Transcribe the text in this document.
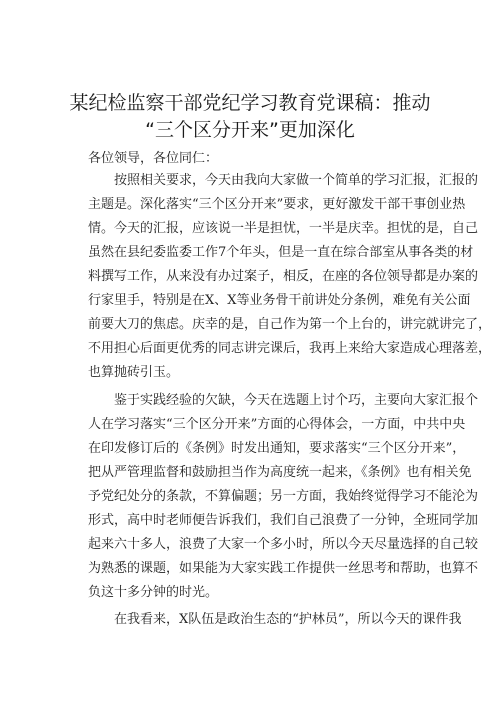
某纪检监察干部党纪学习教育党课稿：推动
“三个区分开来”更加深化
各位领导，各位同仁：
按照相关要求，今天由我向大家做一个简单的学习汇报，汇报的
主题是。深化落实“三个区分开来”要求，更好激发干部干事创业热
情。今天的汇报，应该说一半是担忧，一半是庆幸。担忧的是，自己
虽然在县纪委监委工作7个年头，但是一直在综合部室从事各类的材
料撰写工作，从来没有办过案子，相反，在座的各位领导都是办案的
行家里手，特别是在X、X等业务骨干前讲处分条例，难免有关公面
前要大刀的焦虑。庆幸的是，自己作为第一个上台的，讲完就讲完了，
不用担心后面更优秀的同志讲完课后，我再上来给大家造成心理落差，
也算抛砖引玉。
鉴于实践经验的欠缺，今天在选题上讨个巧，主要向大家汇报个
人在学习落实“三个区分开来”方面的心得体会，一方面，中共中央
在印发修订后的《条例》时发出通知，要求落实“三个区分开来”，
把从严管理监督和鼓励担当作为高度统一起来，《条例》也有相关免
予党纪处分的条款，不算偏题；另一方面，我始终觉得学习不能沦为
形式，高中时老师便告诉我们，我们自己浪费了一分钟，全班同学加
起来六十多人，浪费了大家一个多小时，所以今天尽量选择的自己较
为熟悉的课题，如果能为大家实践工作提供一丝思考和帮助，也算不
负这十多分钟的时光。
在我看来，X队伍是政治生态的“护林员”，所以今天的课件我
